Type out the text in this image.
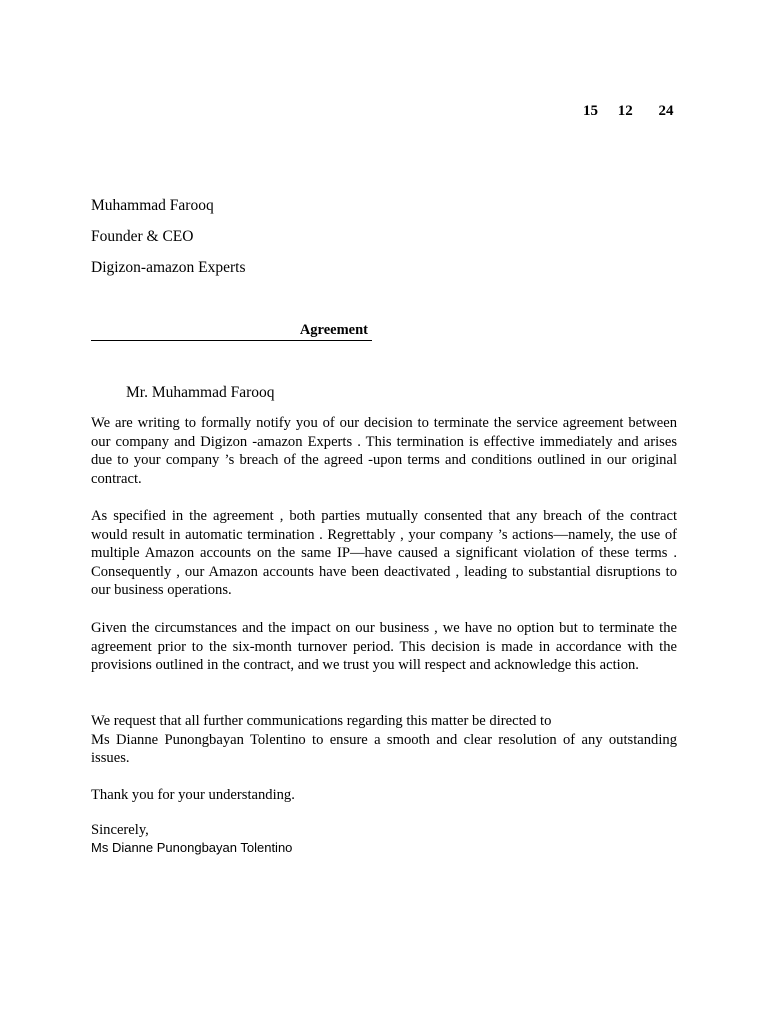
15 12 24
Muhammad Farooq
Founder & CEO
Digizon-amazon Experts
Agreement
Mr. Muhammad Farooq
We are writing to formally notify you of our decision to terminate the service agreement between our company and Digizon -amazon Experts . This termination is effective immediately and arises due to your company ’s breach of the agreed -upon terms and conditions outlined in our original contract.
As specified in the agreement , both parties mutually consented that any breach of the contract would result in automatic termination . Regrettably , your company ’s actions—namely, the use of multiple Amazon accounts on the same IP—have caused a significant violation of these terms . Consequently , our Amazon accounts have been deactivated , leading to substantial disruptions to our business operations.
Given the circumstances and the impact on our business , we have no option but to terminate the agreement prior to the six-month turnover period. This decision is made in accordance with the provisions outlined in the contract, and we trust you will respect and acknowledge this action.
We request that all further communications regarding this matter be directed to
Ms Dianne Punongbayan Tolentino to ensure a smooth and clear resolution of any outstanding issues.
Thank you for your understanding.
Sincerely,
Ms Dianne Punongbayan Tolentino
